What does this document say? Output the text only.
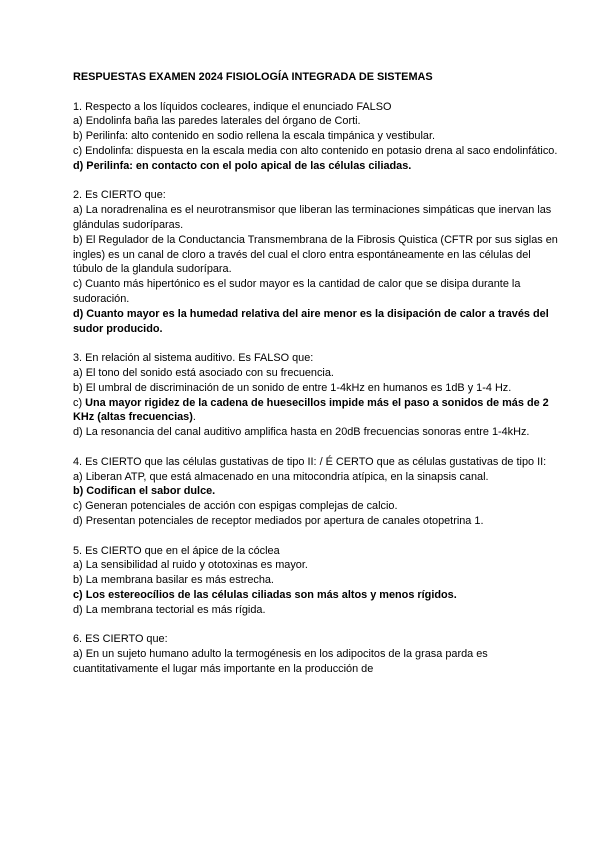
RESPUESTAS EXAMEN 2024 FISIOLOGÍA INTEGRADA DE SISTEMAS

1. Respecto a los líquidos cocleares, indique el enunciado FALSO

a) Endolinfa baña las paredes laterales del órgano de Corti.

b) Perilinfa: alto contenido en sodio rellena la escala timpánica y vestibular.

c) Endolinfa: dispuesta en la escala media con alto contenido en potasio drena al saco endolinfático.

d) Perilinfa: en contacto con el polo apical de las células ciliadas.

2. Es CIERTO que:

a) La noradrenalina es el neurotransmisor que liberan las terminaciones simpáticas que inervan las glándulas sudoríparas.

b) El Regulador de la Conductancia Transmembrana de la Fibrosis Quistica (CFTR por sus siglas en ingles) es un canal de cloro a través del cual el cloro entra espontáneamente en las células del túbulo de la glandula sudorípara.

c) Cuanto más hipertónico es el sudor mayor es la cantidad de calor que se disipa durante la sudoración.

d) Cuanto mayor es la humedad relativa del aire menor es la disipación de calor a través del sudor producido.

3. En relación al sistema auditivo. Es FALSO que:

a) El tono del sonido está asociado con su frecuencia.

b) El umbral de discriminación de un sonido de entre 1-4kHz en humanos es 1dB y 1-4 Hz.

c) Una mayor rigidez de la cadena de huesecillos impide más el paso a sonidos de más de 2 KHz (altas frecuencias).

d) La resonancia del canal auditivo amplifica hasta en 20dB frecuencias sonoras entre 1-4kHz.

4. Es CIERTO que las células gustativas de tipo II: / É CERTO que as células gustativas de tipo II:

a) Liberan ATP, que está almacenado en una mitocondria atípica, en la sinapsis canal.

b) Codifican el sabor dulce.

c) Generan potenciales de acción con espigas complejas de calcio.

d) Presentan potenciales de receptor mediados por apertura de canales otopetrina 1.

5. Es CIERTO que en el ápice de la cóclea

a) La sensibilidad al ruido y ototoxinas es mayor.

b) La membrana basilar es más estrecha.

c) Los estereocílios de las células ciliadas son más altos y menos rígidos.

d) La membrana tectorial es más rígida.

6. ES CIERTO que:

a) En un sujeto humano adulto la termogénesis en los adipocitos de la grasa parda es cuantitativamente el lugar más importante en la producción de
